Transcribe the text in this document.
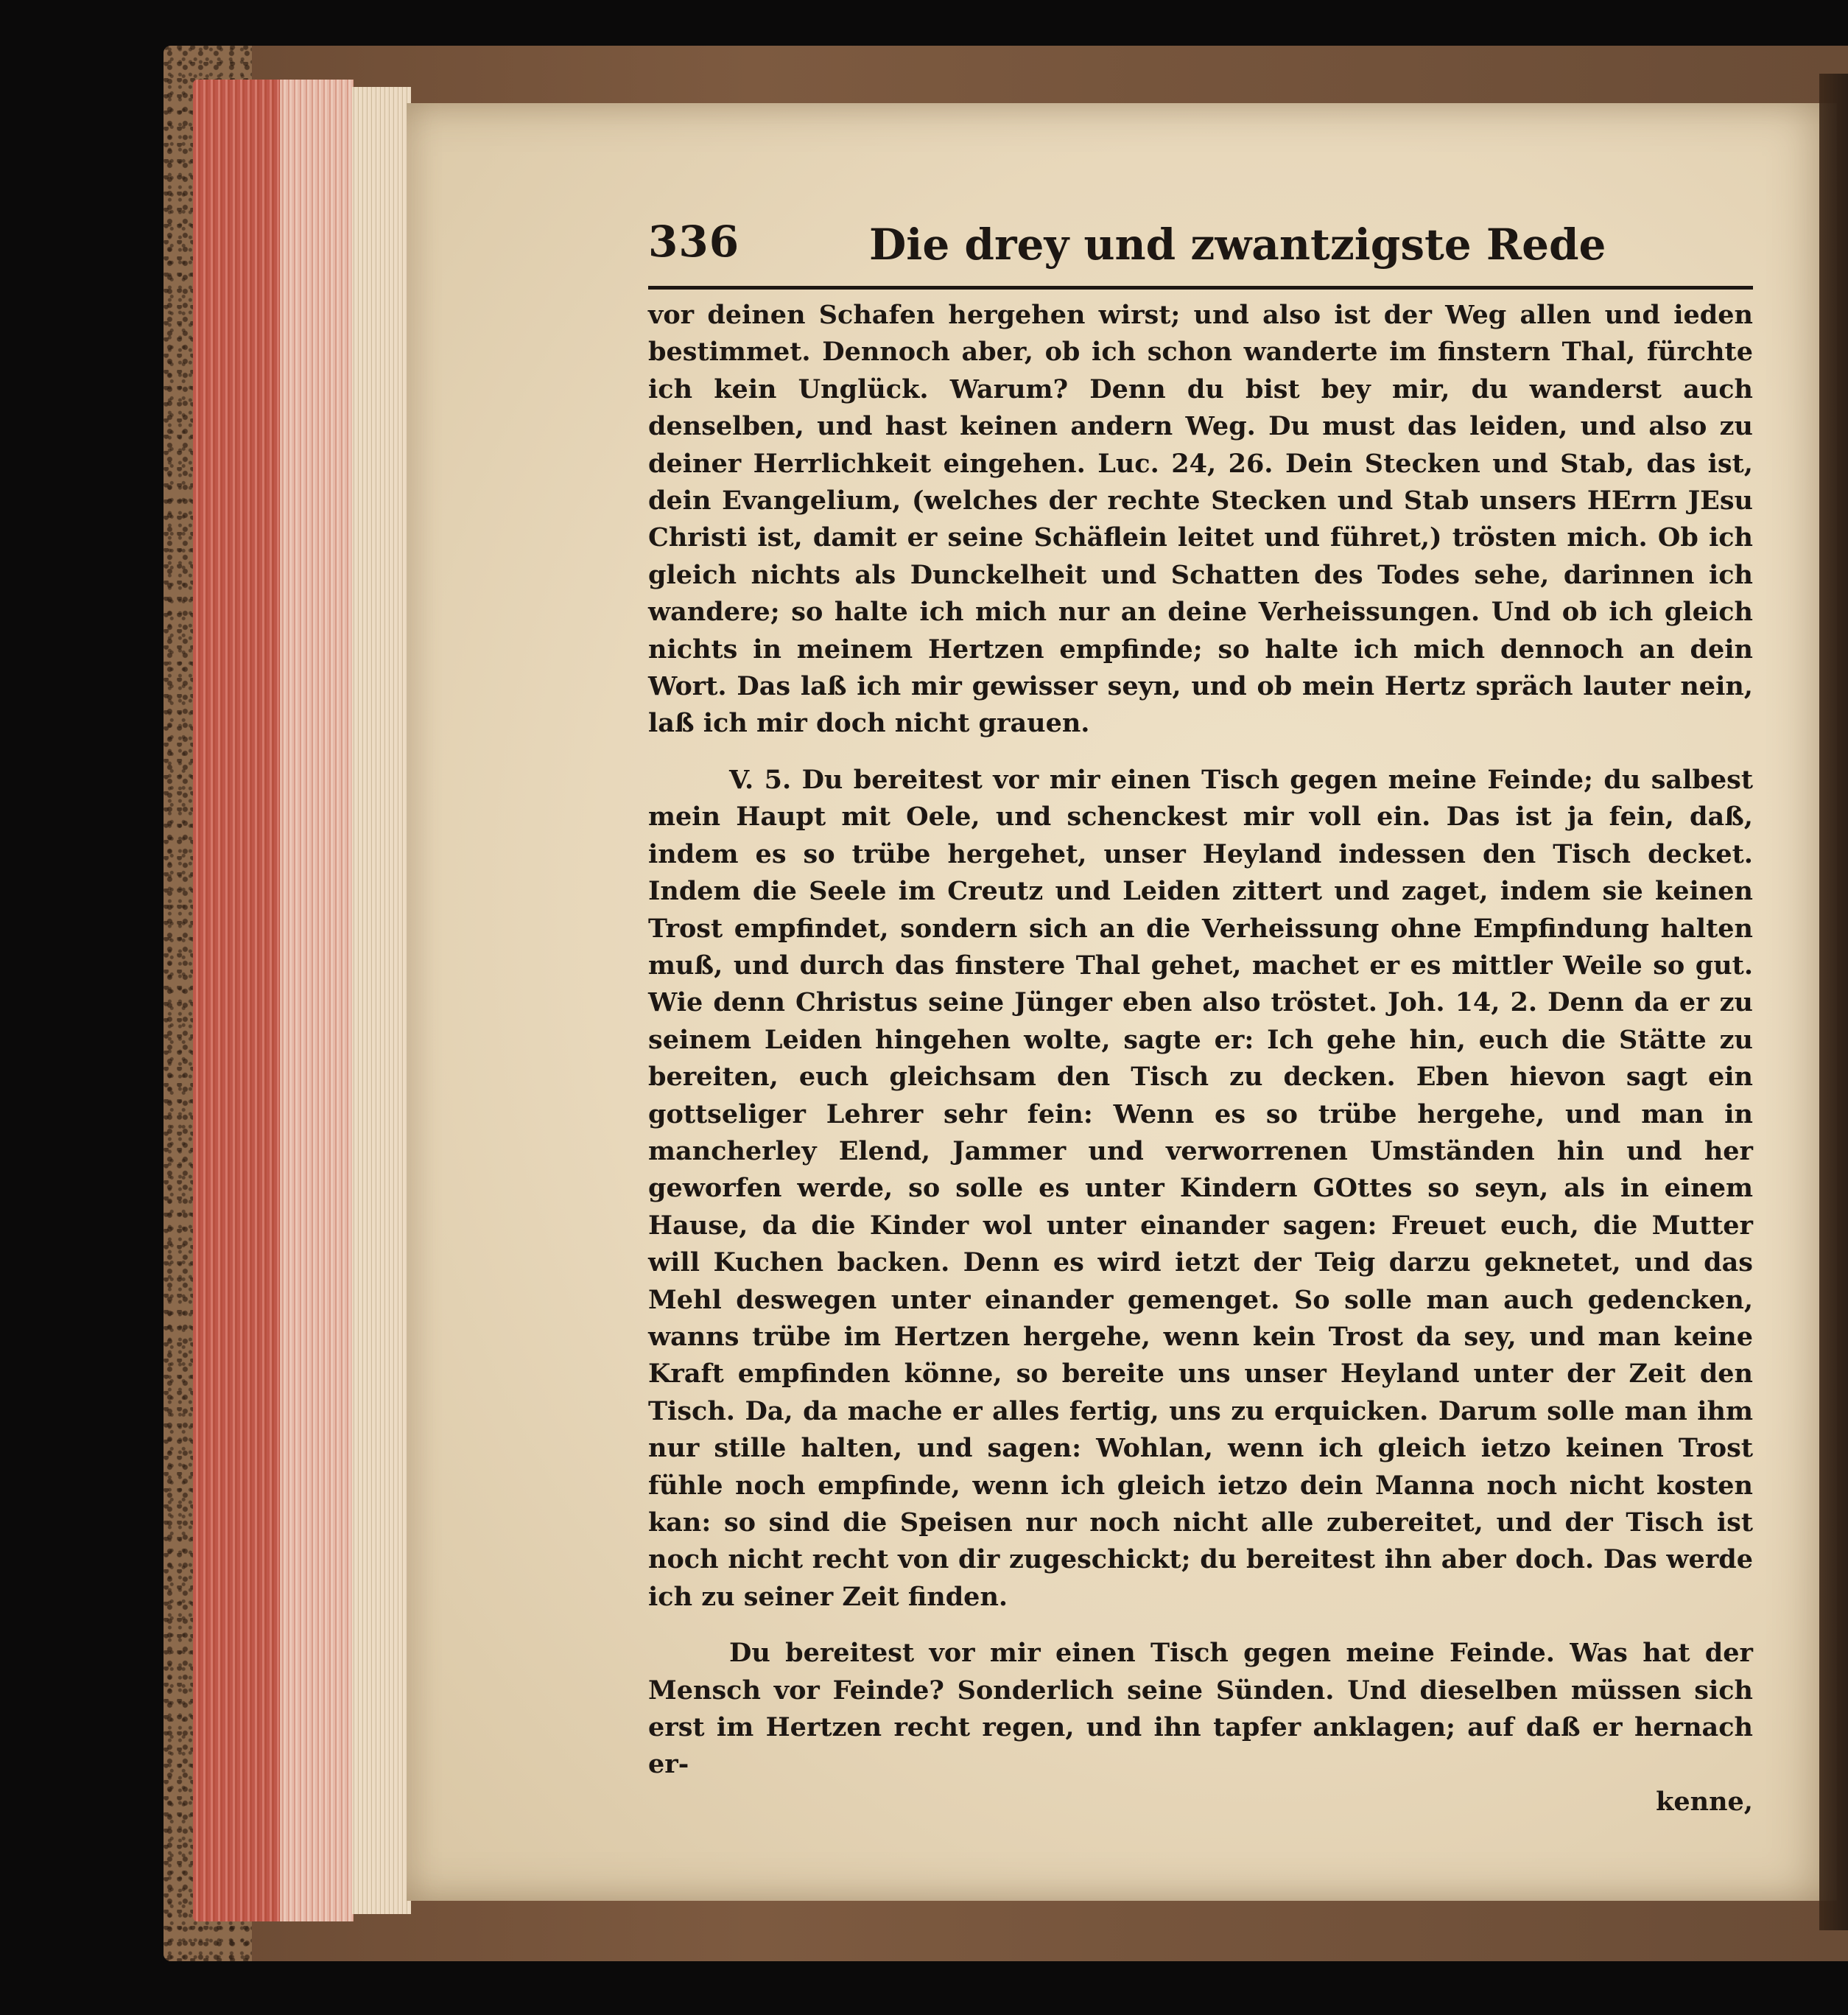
336	Die drey und zwantzigste Rede

vor deinen Schafen hergehen wirst; und also ist der Weg allen und ieden bestimmet. Dennoch aber, ob ich schon wanderte im finstern Thal, fürchte ich kein Unglück. Warum? Denn du bist bey mir, du wanderst auch denselben, und hast keinen andern Weg. Du must das leiden, und also zu deiner Herrlichkeit eingehen. Luc. 24, 26. Dein Stecken und Stab, das ist, dein Evangelium, (welches der rechte Stecken und Stab unsers HErrn JEsu Christi ist, damit er seine Schäflein leitet und führet,) trösten mich. Ob ich gleich nichts als Dunckelheit und Schatten des Todes sehe, darinnen ich wandere; so halte ich mich nur an deine Verheissungen. Und ob ich gleich nichts in meinem Hertzen empfinde; so halte ich mich dennoch an dein Wort. Das laß ich mir gewisser seyn, und ob mein Hertz spräch lauter nein, laß ich mir doch nicht grauen.

V. 5. Du bereitest vor mir einen Tisch gegen meine Feinde; du salbest mein Haupt mit Oele, und schenckest mir voll ein. Das ist ja fein, daß, indem es so trübe hergehet, unser Heyland indessen den Tisch decket. Indem die Seele im Creutz und Leiden zittert und zaget, indem sie keinen Trost empfindet, sondern sich an die Verheissung ohne Empfindung halten muß, und durch das finstere Thal gehet, machet er es mittler Weile so gut. Wie denn Christus seine Jünger eben also tröstet. Joh. 14, 2. Denn da er zu seinem Leiden hingehen wolte, sagte er: Ich gehe hin, euch die Stätte zu bereiten, euch gleichsam den Tisch zu decken. Eben hievon sagt ein gottseliger Lehrer sehr fein: Wenn es so trübe hergehe, und man in mancherley Elend, Jammer und verworrenen Umständen hin und her geworfen werde, so solle es unter Kindern GOttes so seyn, als in einem Hause, da die Kinder wol unter einander sagen: Freuet euch, die Mutter will Kuchen backen. Denn es wird ietzt der Teig darzu geknetet, und das Mehl deswegen unter einander gemenget. So solle man auch gedencken, wanns trübe im Hertzen hergehe, wenn kein Trost da sey, und man keine Kraft empfinden könne, so bereite uns unser Heyland unter der Zeit den Tisch. Da, da mache er alles fertig, uns zu erquicken. Darum solle man ihm nur stille halten, und sagen: Wohlan, wenn ich gleich ietzo keinen Trost fühle noch empfinde, wenn ich gleich ietzo dein Manna noch nicht kosten kan: so sind die Speisen nur noch nicht alle zubereitet, und der Tisch ist noch nicht recht von dir zugeschickt; du bereitest ihn aber doch. Das werde ich zu seiner Zeit finden.

Du bereitest vor mir einen Tisch gegen meine Feinde. Was hat der Mensch vor Feinde? Sonderlich seine Sünden. Und dieselben müssen sich erst im Hertzen recht regen, und ihn tapfer anklagen; auf daß er hernach er-

kenne,
